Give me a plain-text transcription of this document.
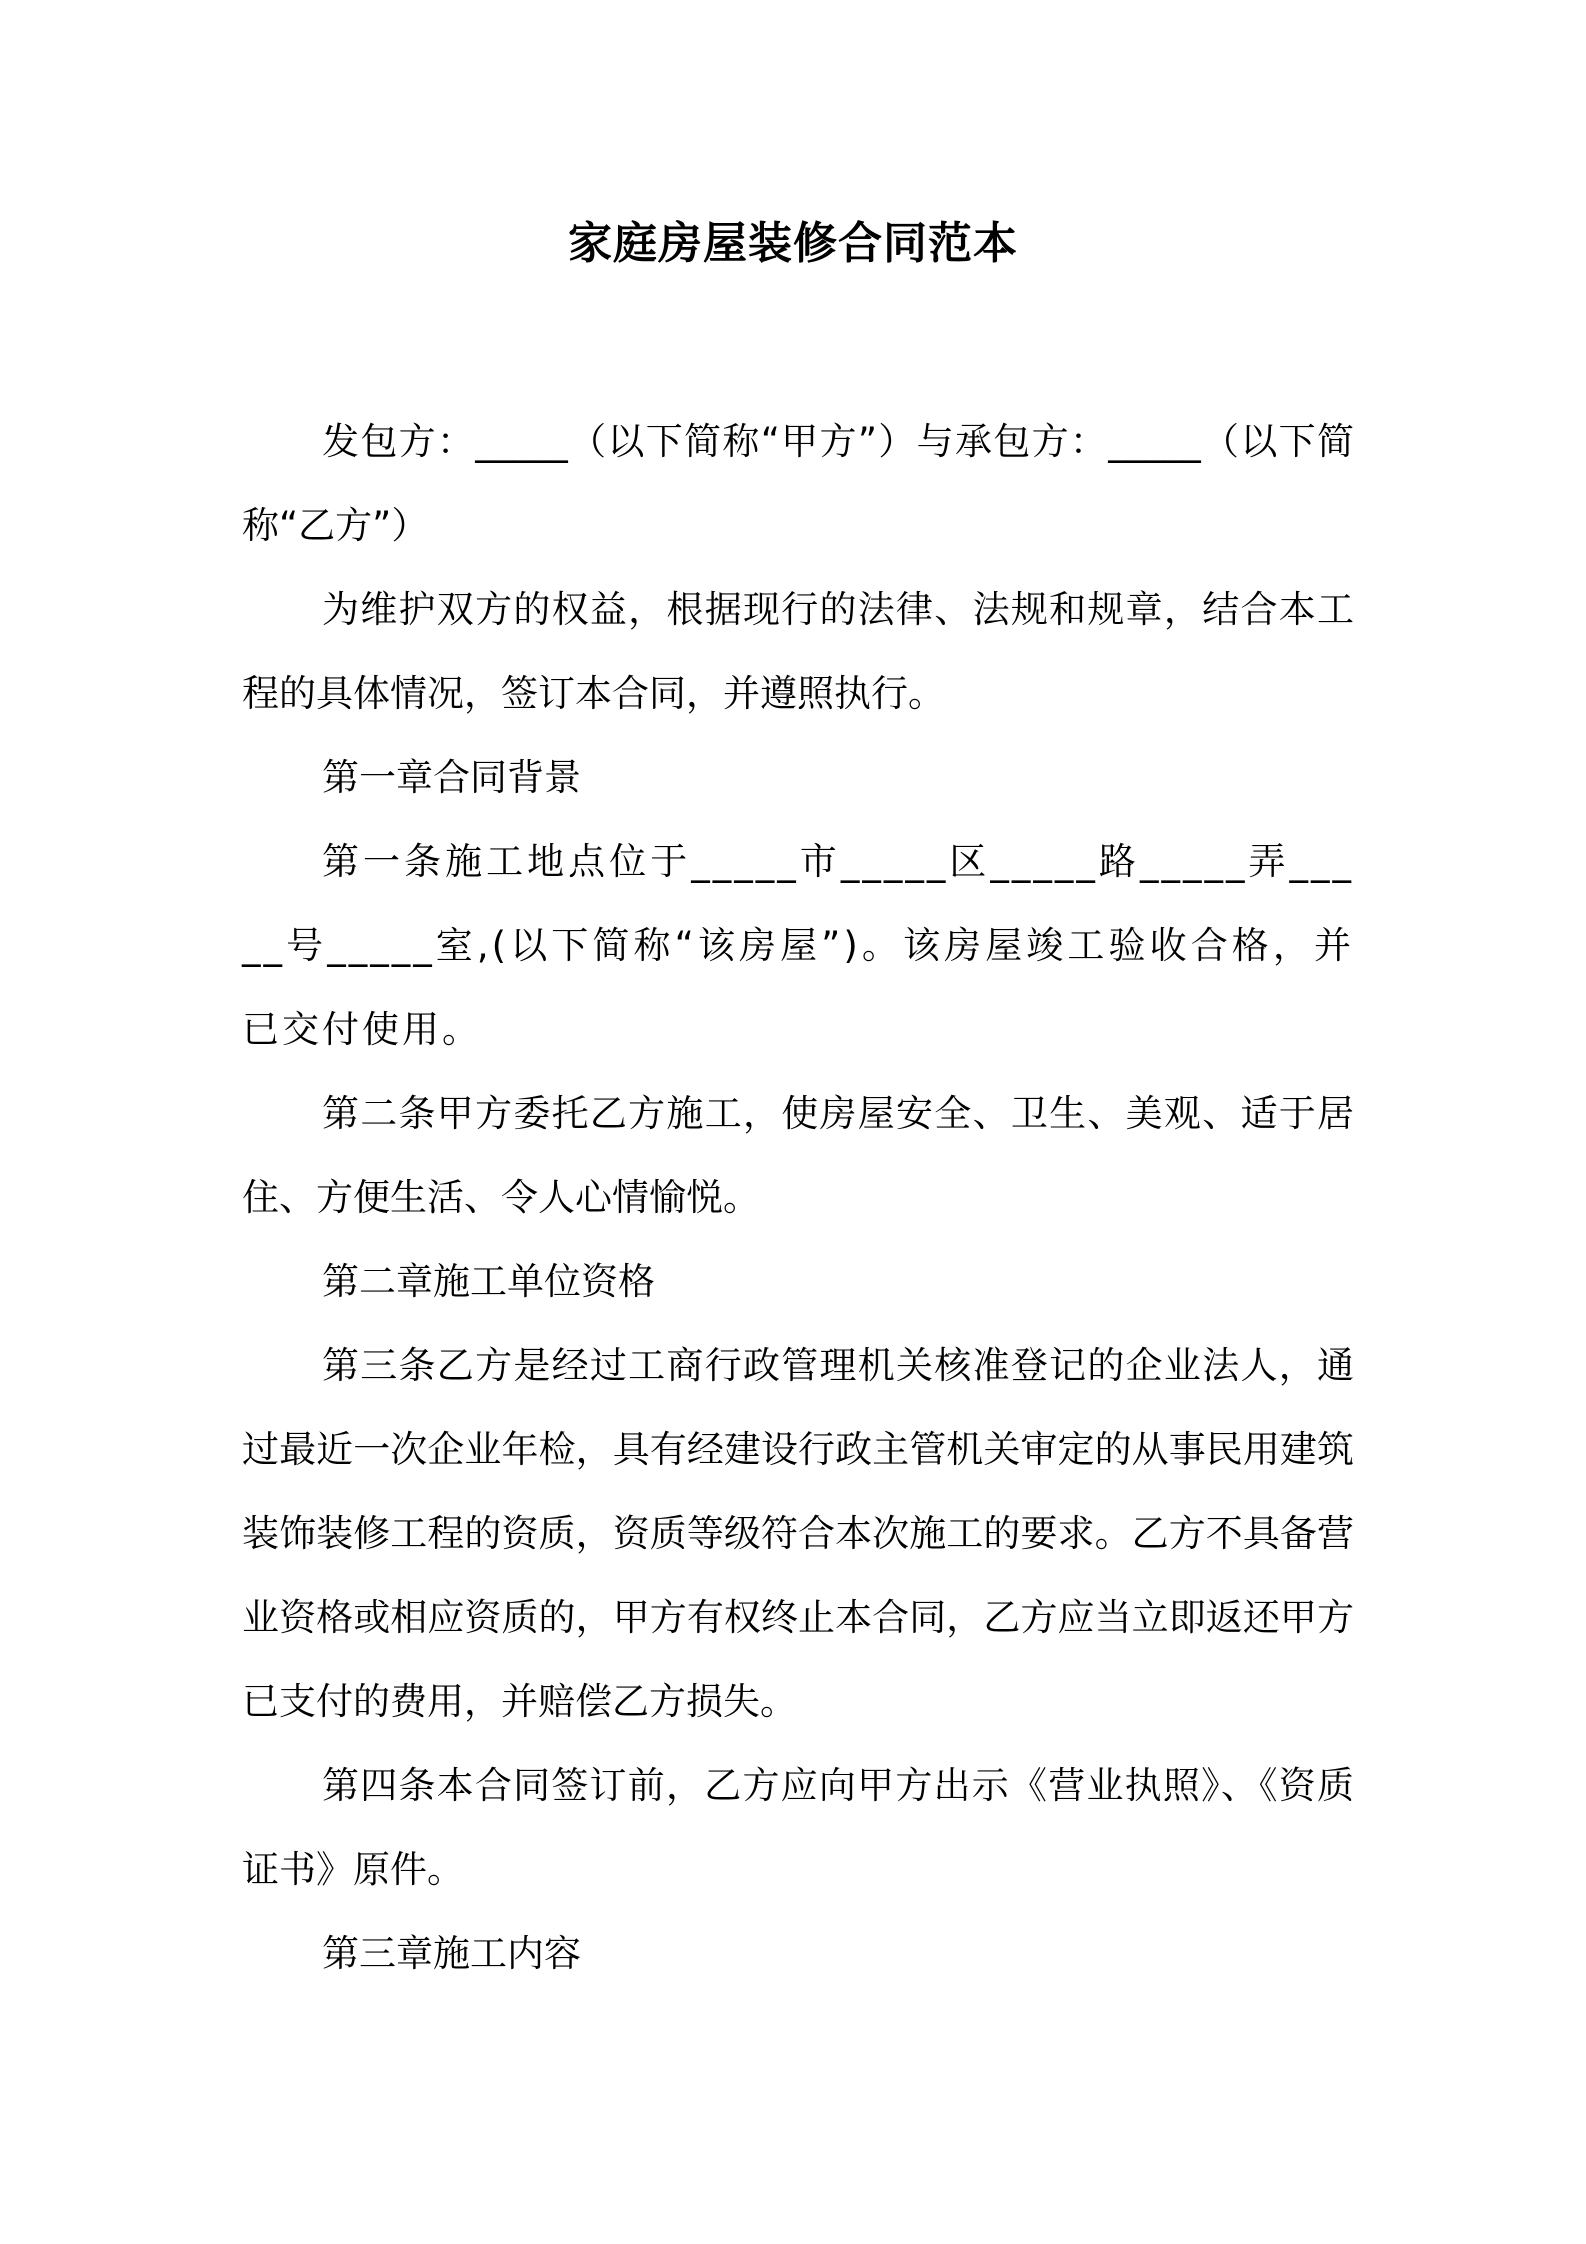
家庭房屋装修合同范本

发包方：_____（以下简称“甲方”）与承包方：_____（以下简称“乙方”）

为维护双方的权益，根据现行的法律、法规和规章，结合本工程的具体情况，签订本合同，并遵照执行。

第一章合同背景

第一条施工地点位于_____市_____区_____路_____弄_____号_____室,(以下简称“该房屋”)。该房屋竣工验收合格，并已交付使用。

第二条甲方委托乙方施工，使房屋安全、卫生、美观、适于居住、方便生活、令人心情愉悦。

第二章施工单位资格

第三条乙方是经过工商行政管理机关核准登记的企业法人，通过最近一次企业年检，具有经建设行政主管机关审定的从事民用建筑装饰装修工程的资质，资质等级符合本次施工的要求。乙方不具备营业资格或相应资质的，甲方有权终止本合同，乙方应当立即返还甲方已支付的费用，并赔偿乙方损失。

第四条本合同签订前，乙方应向甲方出示《营业执照》、《资质证书》原件。

第三章施工内容
